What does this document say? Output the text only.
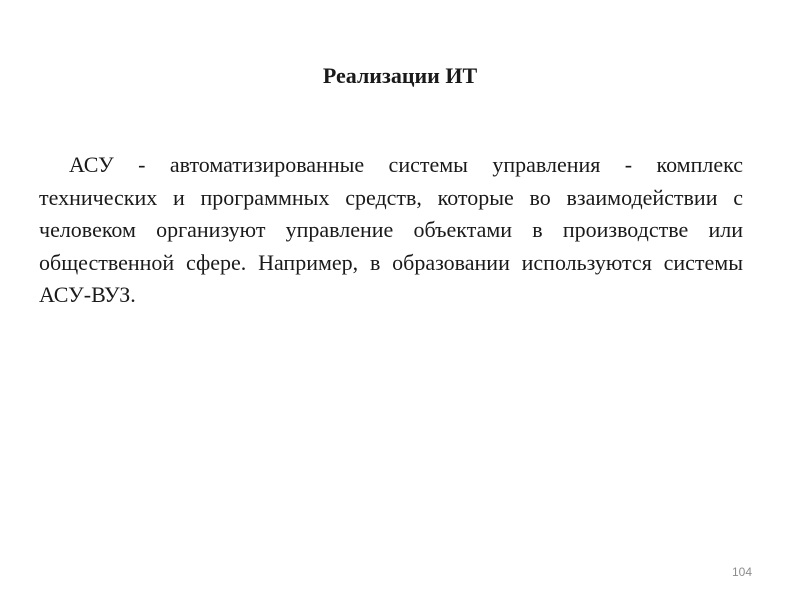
Реализации ИТ

АСУ - автоматизированные системы управления - комплекс технических и программных средств, которые во взаимодействии с человеком организуют управление объектами в производстве или общественной сфере. Например, в образовании используются системы АСУ-ВУЗ.

104
